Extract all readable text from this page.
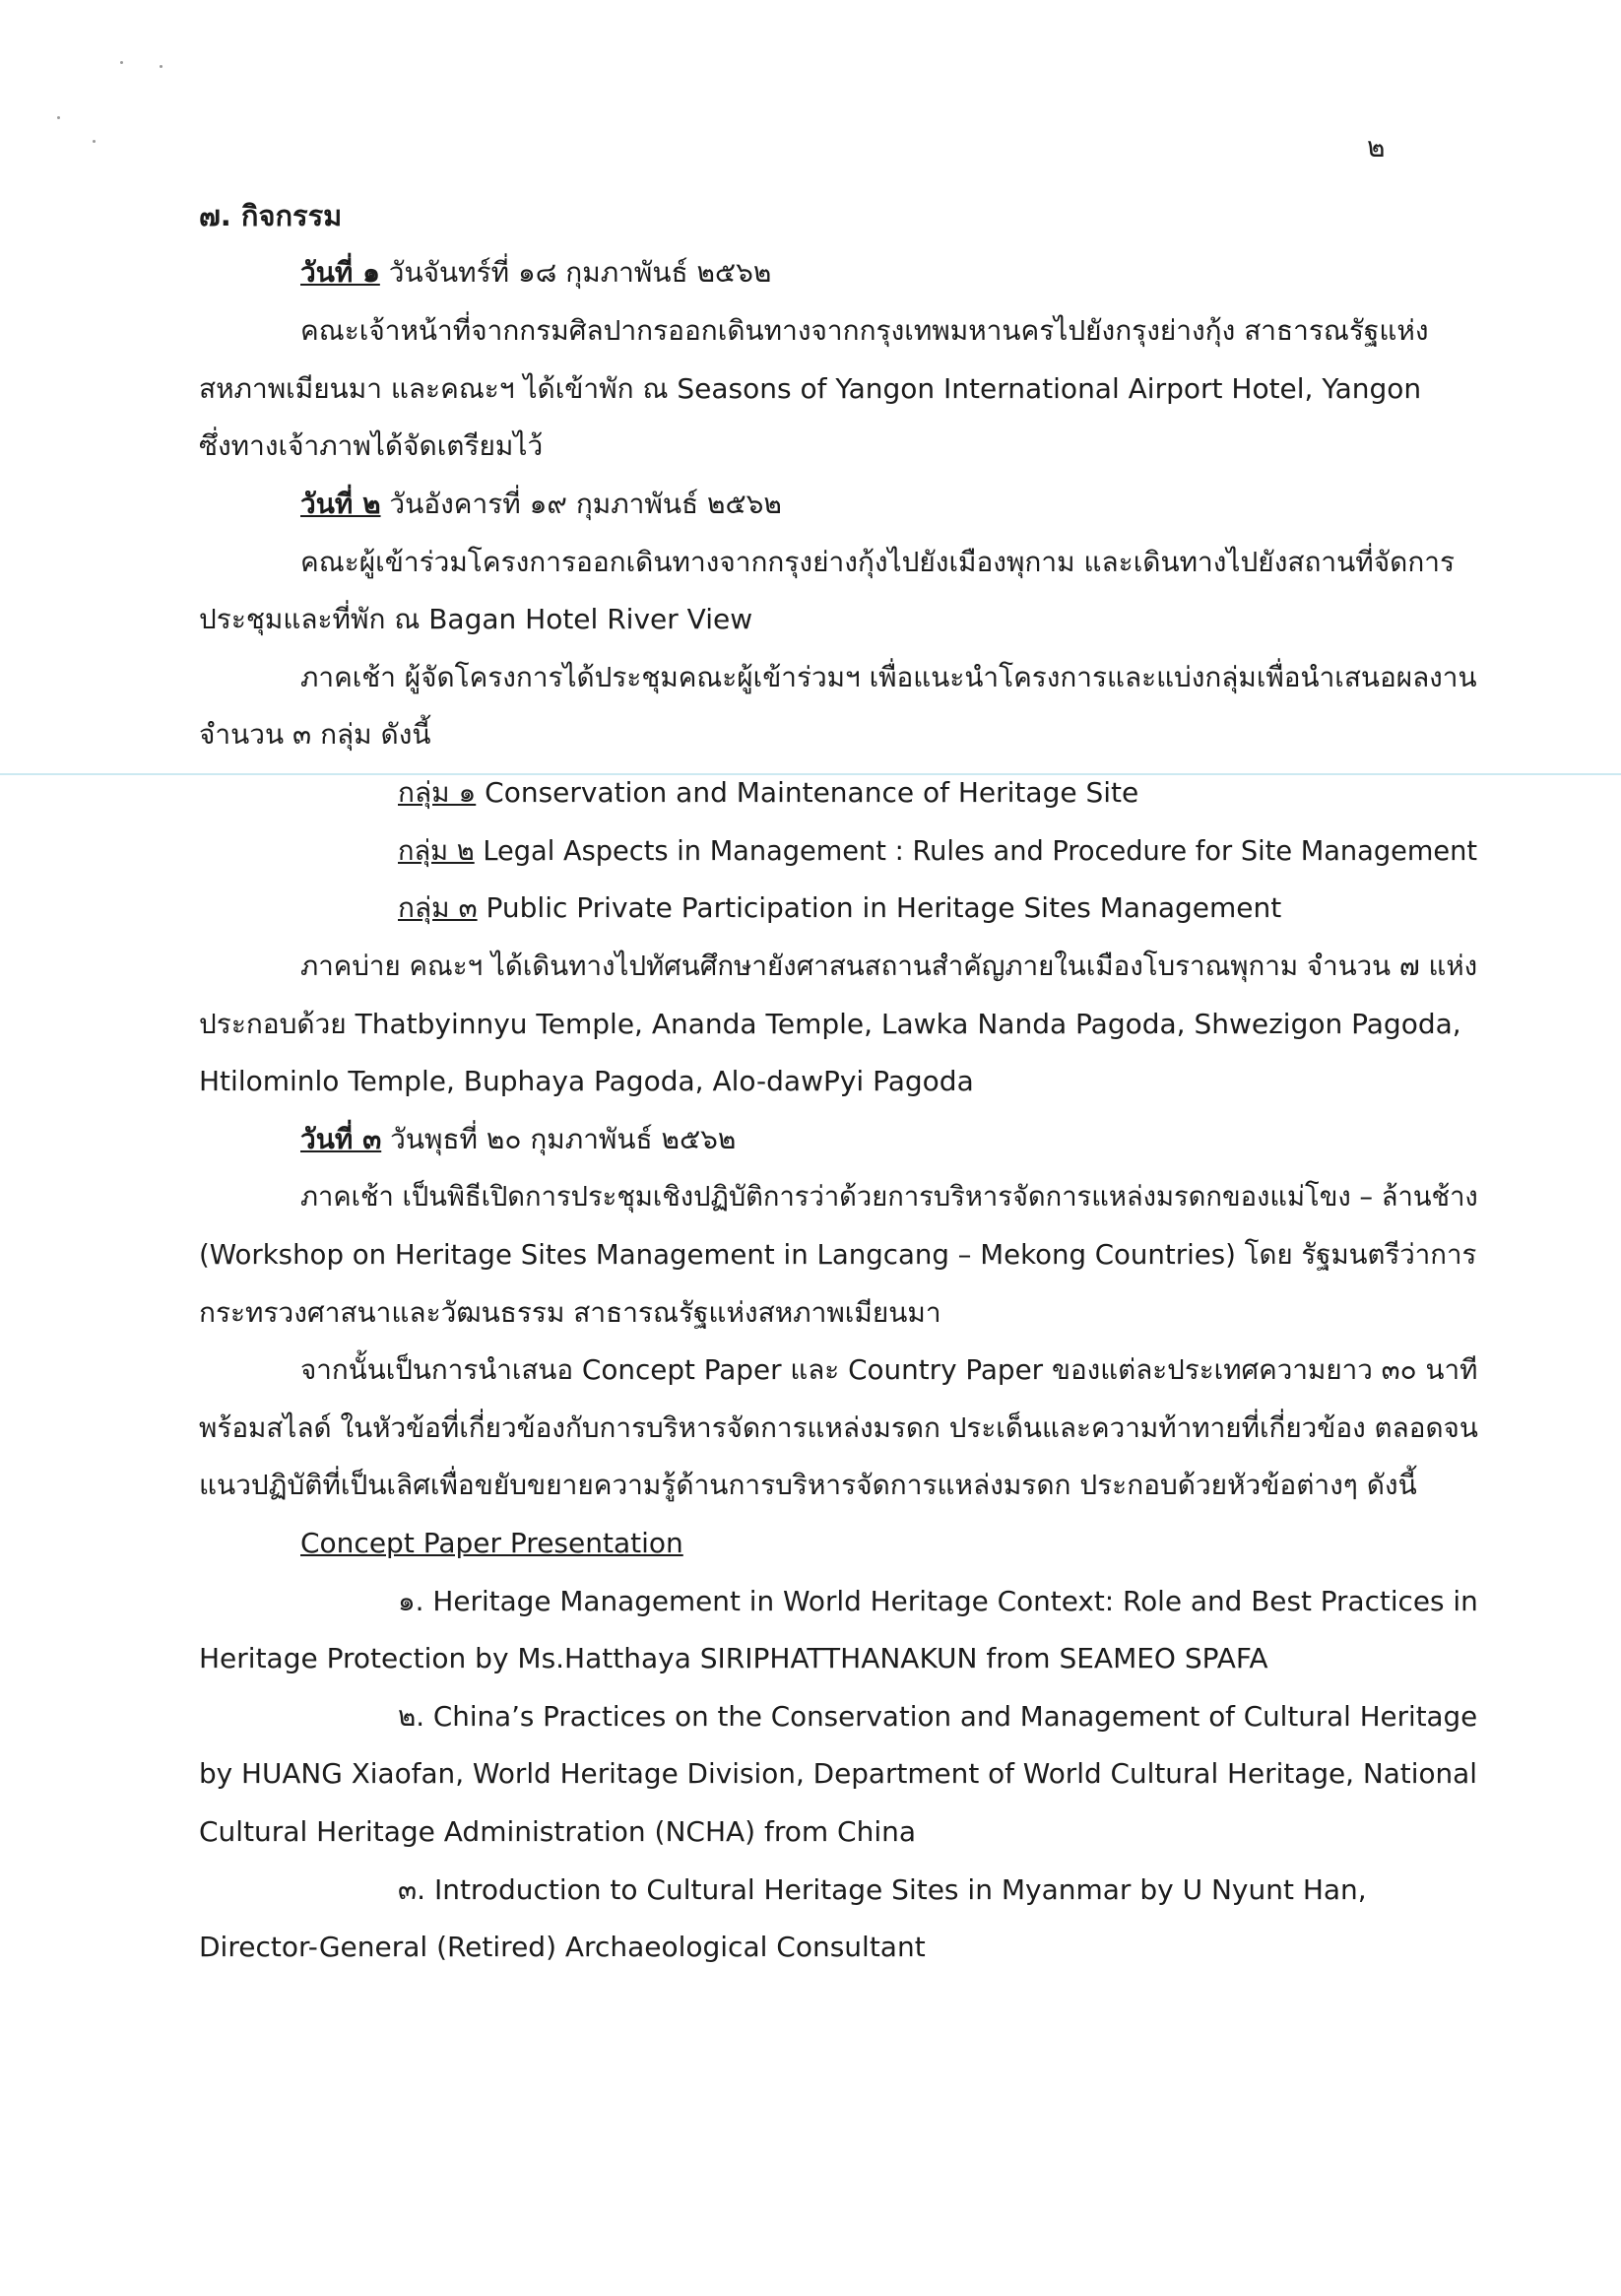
๒
๗. กิจกรรม
วันที่ ๑ วันจันทร์ที่ ๑๘ กุมภาพันธ์ ๒๕๖๒
คณะเจ้าหน้าที่จากกรมศิลปากรออกเดินทางจากกรุงเทพมหานครไปยังกรุงย่างกุ้ง สาธารณรัฐแห่ง
สหภาพเมียนมา และคณะฯ ได้เข้าพัก ณ Seasons of Yangon International Airport Hotel, Yangon
ซึ่งทางเจ้าภาพได้จัดเตรียมไว้
วันที่ ๒ วันอังคารที่ ๑๙ กุมภาพันธ์ ๒๕๖๒
คณะผู้เข้าร่วมโครงการออกเดินทางจากกรุงย่างกุ้งไปยังเมืองพุกาม และเดินทางไปยังสถานที่จัดการ
ประชุมและที่พัก ณ Bagan Hotel River View
ภาคเช้า ผู้จัดโครงการได้ประชุมคณะผู้เข้าร่วมฯ เพื่อแนะนำโครงการและแบ่งกลุ่มเพื่อนำเสนอผลงาน
จำนวน ๓ กลุ่ม ดังนี้
กลุ่ม ๑ Conservation and Maintenance of Heritage Site
กลุ่ม ๒ Legal Aspects in Management : Rules and Procedure for Site Management
กลุ่ม ๓ Public Private Participation in Heritage Sites Management
ภาคบ่าย คณะฯ ได้เดินทางไปทัศนศึกษายังศาสนสถานสำคัญภายในเมืองโบราณพุกาม จำนวน ๗ แห่ง
ประกอบด้วย Thatbyinnyu Temple, Ananda Temple, Lawka Nanda Pagoda, Shwezigon Pagoda,
Htilominlo Temple, Buphaya Pagoda, Alo-dawPyi Pagoda
วันที่ ๓ วันพุธที่ ๒๐ กุมภาพันธ์ ๒๕๖๒
ภาคเช้า เป็นพิธีเปิดการประชุมเชิงปฏิบัติการว่าด้วยการบริหารจัดการแหล่งมรดกของแม่โขง – ล้านช้าง
(Workshop on Heritage Sites Management in Langcang – Mekong Countries) โดย รัฐมนตรีว่าการ
กระทรวงศาสนาและวัฒนธรรม สาธารณรัฐแห่งสหภาพเมียนมา
จากนั้นเป็นการนำเสนอ Concept Paper และ Country Paper ของแต่ละประเทศความยาว ๓๐ นาที
พร้อมสไลด์ ในหัวข้อที่เกี่ยวข้องกับการบริหารจัดการแหล่งมรดก ประเด็นและความท้าทายที่เกี่ยวข้อง ตลอดจน
แนวปฏิบัติที่เป็นเลิศเพื่อขยับขยายความรู้ด้านการบริหารจัดการแหล่งมรดก ประกอบด้วยหัวข้อต่างๆ ดังนี้
Concept Paper Presentation
๑. Heritage Management in World Heritage Context: Role and Best Practices in
Heritage Protection by Ms.Hatthaya SIRIPHATTHANAKUN from SEAMEO SPAFA
๒. China’s Practices on the Conservation and Management of Cultural Heritage
by HUANG Xiaofan, World Heritage Division, Department of World Cultural Heritage, National
Cultural Heritage Administration (NCHA) from China
๓. Introduction to Cultural Heritage Sites in Myanmar by U Nyunt Han,
Director-General (Retired) Archaeological Consultant
